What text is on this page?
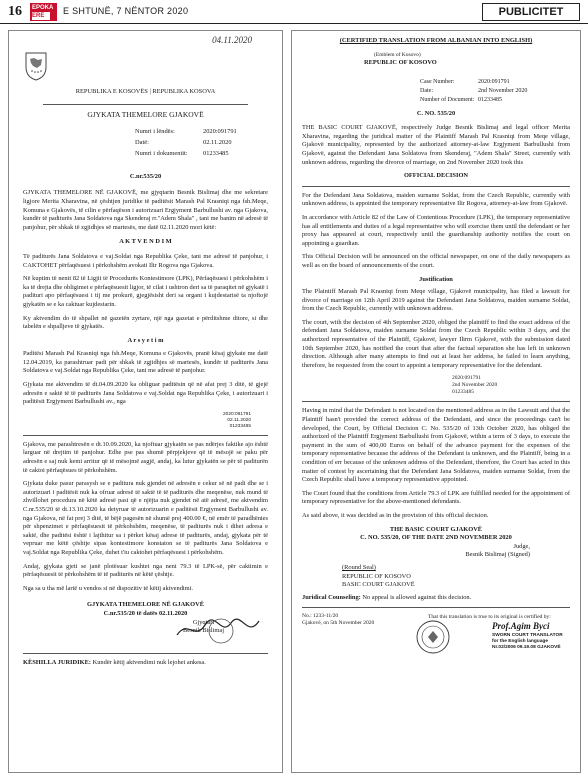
16 EPOKA
ERE	E SHTUNË, 7 NËNTOR 2020	PUBLICITET
04.11.2020
REPUBLIKA E KOSOVËS | REPUBLIKA KOSOVA
GJYKATA THEMELORE GJAKOVË
Numri i lëndës:	2020:091791
Datë:	02.11.2020
Numri i dokumentit:	01233485
C.nr.535/20

GJYKATA THEMELORE NË GJAKOVË, me gjyqtarin Besnik Bislimaj dhe me sekretare ligjore Merita Xharavina, në çështjen juridike të paditësit Marash Pal Krasniqi nga fsh.Meqe, Komuna e Gjakovës, të cilin e përfaqëson i autorizuari Ergjyment Barbullushi av. nga Gjakova, kundër të paditurës Jana Soldatova nga Skenderaj rr."Adem Shala" , tani me banim në adresë të panjohur, për shkak të zgjidhjes së martesës, me datë 02.11.2020 mori këtë:

A K T V E N D I M

Të paditurës Jana Soldatova e vaj.Soldat nga Republika Çeke, tani me adresë të panjohur, i CAKTOHET përfaqësuesi i përkohshëm avokati Ilir Rogova nga Gjakova.

Në kuptim të nenit 82 të Ligjit të Procedurës Kontestimore (LPK), Përfaqësuesi i përkohshëm i ka të drejta dhe obligimet e përfaqësuesit ligjor, të cilat i ushtron deri sa të paraqitet në gjykatë i padituri apo përfaqësuesi i tij me prokurë, gjegjësisht deri sa organi i kujdestarisë ta njoftojë gjykatën se e ka caktuar kujdestarin.

Ky aktvendim do të shpallet në gazetën zyrtare, një nga gazetat e përditshme ditore, si dhe tabelën e shpalljeve të gjykatës.

A r s y e t i m

Paditësi Marash Pal Krasniqi nga fsh.Meqe, Komuna e Gjakovës, pranë kësaj gjykate me datë 12.04.2019, ka parashtruar padi për shkak të zgjidhjes së martesës, kundër të paditurës Jana Soldatova e vaj.Soldat nga Republika Çeke, tani me adresë të panjohur.

Gjykata me aktvendim të dt.04.09.2020 ka obliguar paditësin që në afat prej 3 ditë, të gjejë adresën e saktë të të paditurës Jana Soldatova e vaj.Soldat nga Republika Çeke, i autorizuari i paditësit Ergjyment Barbullushi av., nga

2020:091791
02.11.2020
01233485

Gjakova, me parashtresën e dt.10.09.2020, ka njoftuar gjykatën se pas ndërjes faktike ajo është larguar në drejtim të panjohur. Edhe pse pas shumë përpjekjeve që të mësojë se paku për adresën e saj nuk kemi arritur që të mësojmë asgjë, andaj, ka lutur gjykatën se për të paditurën të caktoi përfaqësues të përkohshëm.

Gjykata duke pasur parasysh se e paditura nuk gjendet në adresën e cekur së në padi dhe se i autorizuari i paditësit nuk ka ofruar adresë të saktë të të paditurës dhe meqenëse, nuk mund të zhvillohet procedura në këtë adresë pasi që e njëjta nuk gjendet në atë adresë, me aktvendim C.nr.535/20 të dt.13.10.2020 ka detyruar të autorizuarin e paditësit Ergjyment Barbullushi av. nga Gjakova, në fat prej 3 ditë, të bëjë pagesën në shumë prej 400.00 €, në emër të paradhënies për shpenzimet e përfaqësuesit të përkohshëm, meqenëse, të paditurës nuk i dihet adresa e saktë, dhe paditësi është i lajthitur sa i përket kësaj adrese të paditurës, andaj, gjykata për të vepruar me këtë çështje sipas kontestimore konstaton se të paditurës Jana Soldatova e vaj.Soldat nga Republika Çeke, duhet t'iu caktohet përfaqësuesi i përkohshëm.

Andaj, gjykata gjeti se janë plotësuar kushtet nga neni 79.3 të LPK-së, për caktimin e përfaqësuesit të përkohshëm të të paditurës në këtë çështje.

Nga sa u tha më lartë u vendos si në dispozitiv të këtij aktvendimi.

GJYKATA THEMELORE NË GJAKOVË
C.nr.535/20 të datës 02.11.2020
Gjyqtari
Besnik Bislimaj
KËSHILLA JURIDIKE: Kundër këtij aktvendimi nuk lejohet ankesa.
(CERTIFIED TRANSLATION FROM ALBANIAN INTO ENGLISH)
(Emblem of Kosovo)
REPUBLIC OF KOSOVO
Case Number:	2020:091791
Date:	2nd November 2020
Number of Document: 01233485
C. NO. 535/20

THE BASIC COURT GJAKOVË, respectively Judge Besnik Bislimaj and legal officer Merita Xharavina, regarding the juridical matter of the Plaintiff Marash Pal Krasniqi from Meqe village, Gjakovë municipality, represented by the authorized attorney-at-law Ergjyment Barbullushi from Gjakovë, against the Defendant Jana Soldatova from Skenderaj, "Adem Shala" Street, currently with unknown address, regarding the divorce of marriage, on 2nd November 2020 took this

OFFICIAL DECISION

For the Defendant Jana Soldatova, maiden surname Soldat, from the Czech Republic, currently with unknown address, is appointed the temporary representative Ilir Rogova, attorney-at-law from Gjakovë.

In accordance with Article 82 of the Law of Contentious Procedure (LPK), the temporary representative has all entitlements and duties of a legal representative who will exercise them until the defendant or her proxy has appeared at court, respectively until the guardianship authority notifies the court on appointing a guardian.

This Official Decision will be announced on the official newspaper, on one of the daily newspapers as well as on the board of announcements of the court.

Justification

The Plaintiff Marash Pal Krasniqi from Meqe village, Gjakovë municipality, has filed a lawsuit for divorce of marriage on 12th April 2019 against the Defendant Jana Soldatova, maiden surname Soldat, from the Czech Republic, currently with unknown address.

The court, with the decision of 4th September 2020, obliged the plaintiff to find the exact address of the defendant Jana Soldatova, maiden surname Soldat from the Czech Republic within 3 days, and the authorized representative of the Plaintiff, Gjakovë, lawyer Ilirm Gjakovë, with the submission dated 10th September 2020, has notified the court that after the factual separation she has left in unknown direction. Although after many attempts to find out at least her address, he failed to learn anything, therefore, he requested from the court to appoint a temporary representative for the defendant.

2020:091791
2nd November 2020
01233485

Having in mind that the Defendant is not located on the mentioned address as in the Lawsuit and that the Plaintiff hasn't provided the correct address of the Defendant, and since the proceedings can't be developed, the Court, by Official Decision C. No. 535/20 of 13th October 2020, has obliged the authorized of the Plaintiff Ergjyment Barbullushi from Gjakovë, within a term of 3 days, to execute the payment in the sum of 400,00 Euros on behalf of the advance payment for the expenses of the temporary representative because the address of the Defendant is unknown, and the Plaintiff, being in a condition of err because of the unknown address of the Defendant, therefore, the Court has acted in this matter of contest by ascertaining that the Defendant Jana Soldatova, maiden surname Soldat, from the Czech Republic shall have a temporary representative appointed.

The Court found that the conditions from Article 79.3 of LPK are fulfilled needed for the appointment of temporary representative for the above-mentioned defendants.

As said above, it was decided as in the provision of this official decision.

THE BASIC COURT GJAKOVË
C. NO. 535/20, OF THE DATE 2ND NOVEMBER 2020
Judge,
Besnik Bislimaj (Signed)
(Round Seal)
REPUBLIC OF KOSOVO
BASIC COURT GJAKOVË
Juridical Counseling: No appeal is allowed against this decision.
No.: 1233-11/20
Gjakovë, on 5th November 2020
That this translation is true to its original is certified by:
Prof.Agim Byci
SWORN COURT TRANSLATOR
for the English language
Nr.02/2006 09.19.08 GJAKOVË
